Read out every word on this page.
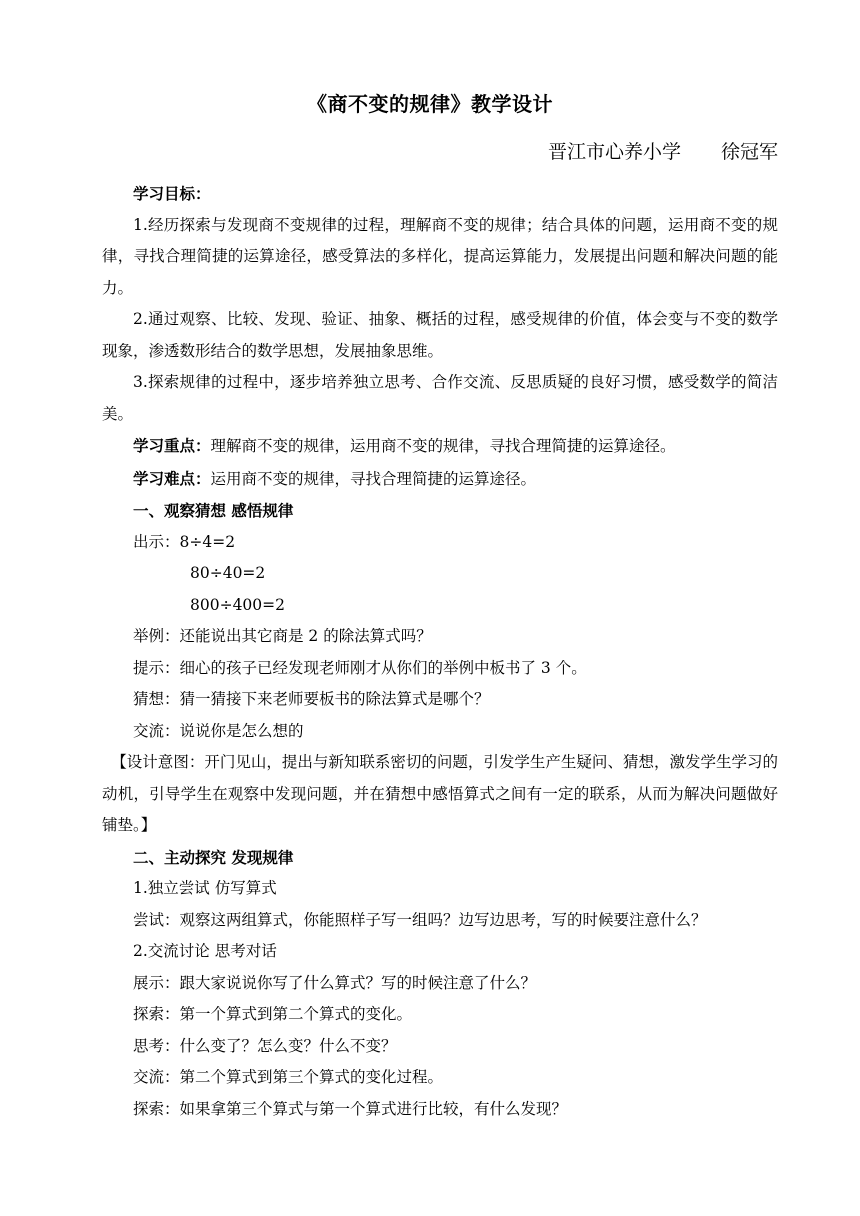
《商不变的规律》教学设计
晋江市心养小学 徐冠军

学习目标：

1.经历探索与发现商不变规律的过程，理解商不变的规律；结合具体的问题，运用商不变的规律，寻找合理简捷的运算途径，感受算法的多样化，提高运算能力，发展提出问题和解决问题的能力。

2.通过观察、比较、发现、验证、抽象、概括的过程，感受规律的价值，体会变与不变的数学现象，渗透数形结合的数学思想，发展抽象思维。

3.探索规律的过程中，逐步培养独立思考、合作交流、反思质疑的良好习惯，感受数学的简洁美。

学习重点：理解商不变的规律，运用商不变的规律，寻找合理简捷的运算途径。

学习难点：运用商不变的规律，寻找合理简捷的运算途径。

一、观察猜想 感悟规律

出示：8÷4=2

80÷40=2

800÷400=2

举例：还能说出其它商是 2 的除法算式吗？

提示：细心的孩子已经发现老师刚才从你们的举例中板书了 3 个。

猜想：猜一猜接下来老师要板书的除法算式是哪个？

交流：说说你是怎么想的

【设计意图：开门见山，提出与新知联系密切的问题，引发学生产生疑问、猜想，激发学生学习的动机，引导学生在观察中发现问题，并在猜想中感悟算式之间有一定的联系，从而为解决问题做好铺垫。】

二、主动探究 发现规律

1.独立尝试 仿写算式

尝试：观察这两组算式，你能照样子写一组吗？边写边思考，写的时候要注意什么？

2.交流讨论 思考对话

展示：跟大家说说你写了什么算式？写的时候注意了什么？

探索：第一个算式到第二个算式的变化。

思考：什么变了？怎么变？什么不变？

交流：第二个算式到第三个算式的变化过程。

探索：如果拿第三个算式与第一个算式进行比较，有什么发现？
